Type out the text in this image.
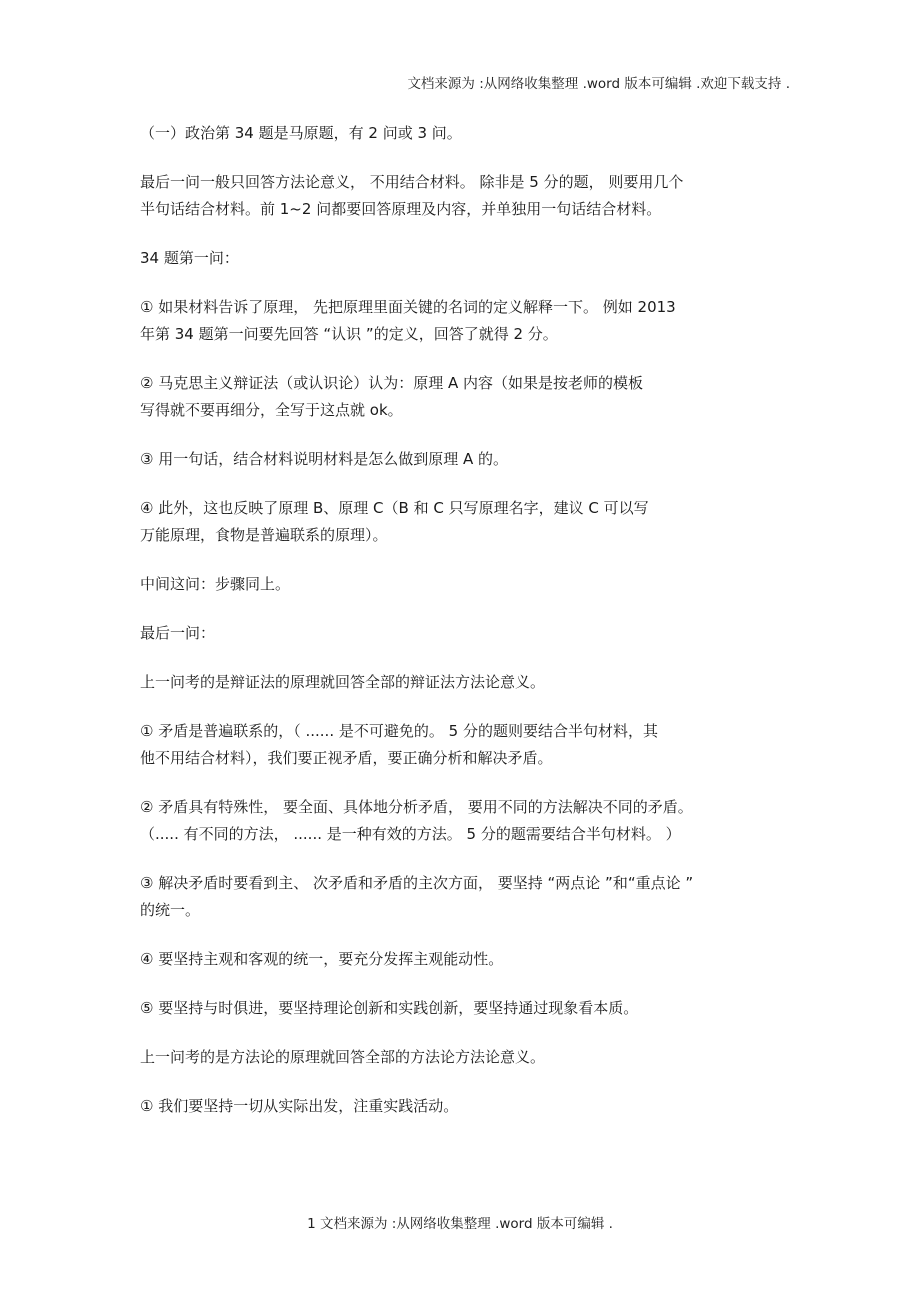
文档来源为 :从网络收集整理 .word 版本可编辑 .欢迎下载支持 .
（一）政治第 34 题是马原题，有 2 问或 3 问。
最后一问一般只回答方法论意义， 不用结合材料。 除非是 5 分的题， 则要用几个
半句话结合材料。前 1~2 问都要回答原理及内容，并单独用一句话结合材料。
34 题第一问：
① 如果材料告诉了原理， 先把原理里面关键的名词的定义解释一下。 例如 2013
年第 34 题第一问要先回答 “认识 ”的定义，回答了就得 2 分。
② 马克思主义辩证法（或认识论）认为：原理 A 内容（如果是按老师的模板
写得就不要再细分，全写于这点就 ok。
③ 用一句话，结合材料说明材料是怎么做到原理 A 的。
④ 此外，这也反映了原理 B、原理 C（B 和 C 只写原理名字，建议 C 可以写
万能原理，食物是普遍联系的原理）。
中间这问：步骤同上。
最后一问：
上一问考的是辩证法的原理就回答全部的辩证法方法论意义。
① 矛盾是普遍联系的，（ ...... 是不可避免的。 5 分的题则要结合半句材料，其
他不用结合材料），我们要正视矛盾，要正确分析和解决矛盾。
② 矛盾具有特殊性， 要全面、具体地分析矛盾， 要用不同的方法解决不同的矛盾。
（..... 有不同的方法， ...... 是一种有效的方法。 5 分的题需要结合半句材料。 ）
③ 解决矛盾时要看到主、 次矛盾和矛盾的主次方面， 要坚持 “两点论 ”和“重点论 ”
的统一。
④ 要坚持主观和客观的统一，要充分发挥主观能动性。
⑤ 要坚持与时俱进，要坚持理论创新和实践创新，要坚持通过现象看本质。
上一问考的是方法论的原理就回答全部的方法论方法论意义。
① 我们要坚持一切从实际出发，注重实践活动。
1 文档来源为 :从网络收集整理 .word 版本可编辑 .
